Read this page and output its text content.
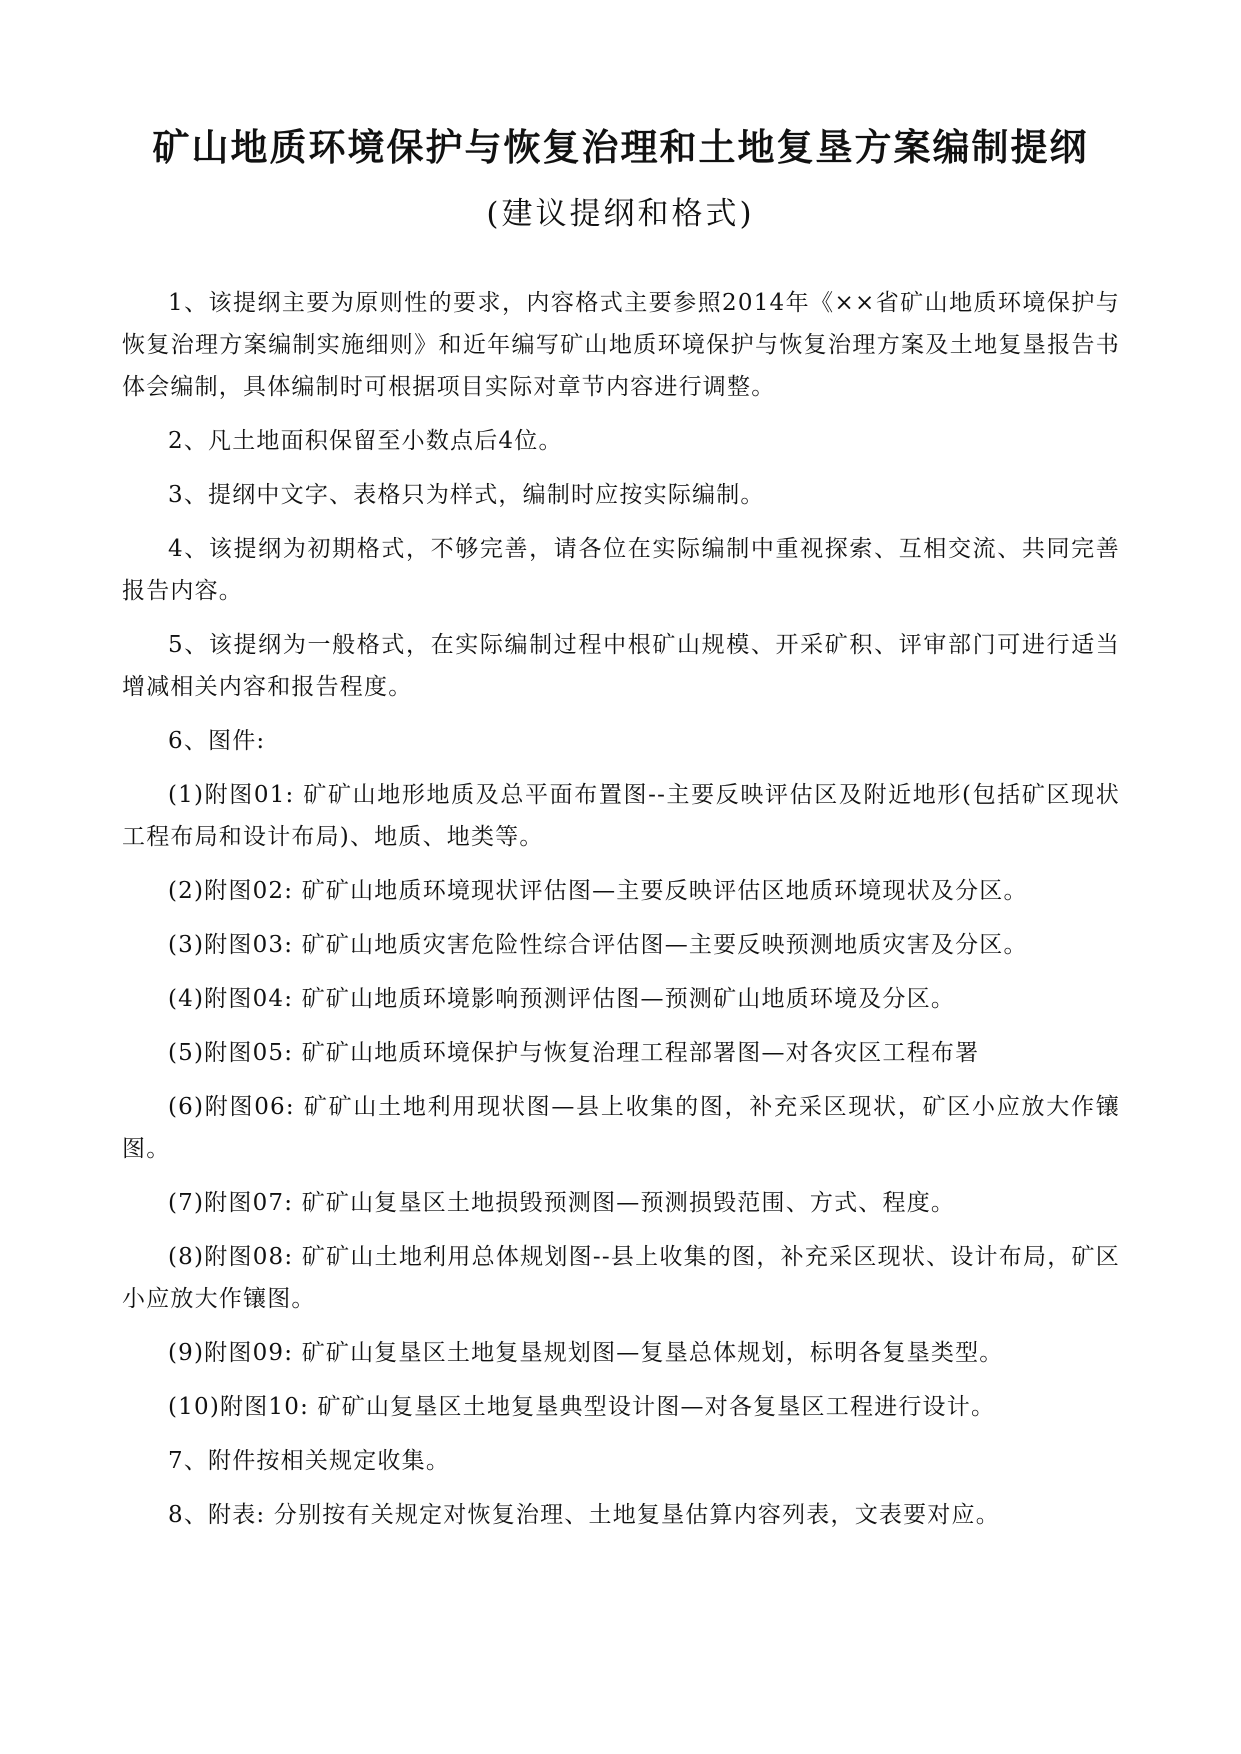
矿山地质环境保护与恢复治理和土地复垦方案编制提纲
(建议提纲和格式)

1、该提纲主要为原则性的要求，内容格式主要参照2014年《××省矿山地质环境保护与恢复治理方案编制实施细则》和近年编写矿山地质环境保护与恢复治理方案及土地复垦报告书体会编制，具体编制时可根据项目实际对章节内容进行调整。

2、凡土地面积保留至小数点后4位。

3、提纲中文字、表格只为样式，编制时应按实际编制。

4、该提纲为初期格式，不够完善，请各位在实际编制中重视探索、互相交流、共同完善报告内容。

5、该提纲为一般格式，在实际编制过程中根矿山规模、开采矿积、评审部门可进行适当增减相关内容和报告程度。

6、图件:

(1)附图01: 矿矿山地形地质及总平面布置图--主要反映评估区及附近地形(包括矿区现状工程布局和设计布局)、地质、地类等。

(2)附图02: 矿矿山地质环境现状评估图—主要反映评估区地质环境现状及分区。

(3)附图03: 矿矿山地质灾害危险性综合评估图—主要反映预测地质灾害及分区。

(4)附图04: 矿矿山地质环境影响预测评估图—预测矿山地质环境及分区。

(5)附图05: 矿矿山地质环境保护与恢复治理工程部署图—对各灾区工程布署

(6)附图06: 矿矿山土地利用现状图—县上收集的图，补充采区现状，矿区小应放大作镶图。

(7)附图07: 矿矿山复垦区土地损毁预测图—预测损毁范围、方式、程度。

(8)附图08: 矿矿山土地利用总体规划图--县上收集的图，补充采区现状、设计布局，矿区小应放大作镶图。

(9)附图09: 矿矿山复垦区土地复垦规划图—复垦总体规划，标明各复垦类型。

(10)附图10: 矿矿山复垦区土地复垦典型设计图—对各复垦区工程进行设计。

7、附件按相关规定收集。

8、附表: 分别按有关规定对恢复治理、土地复垦估算内容列表，文表要对应。
